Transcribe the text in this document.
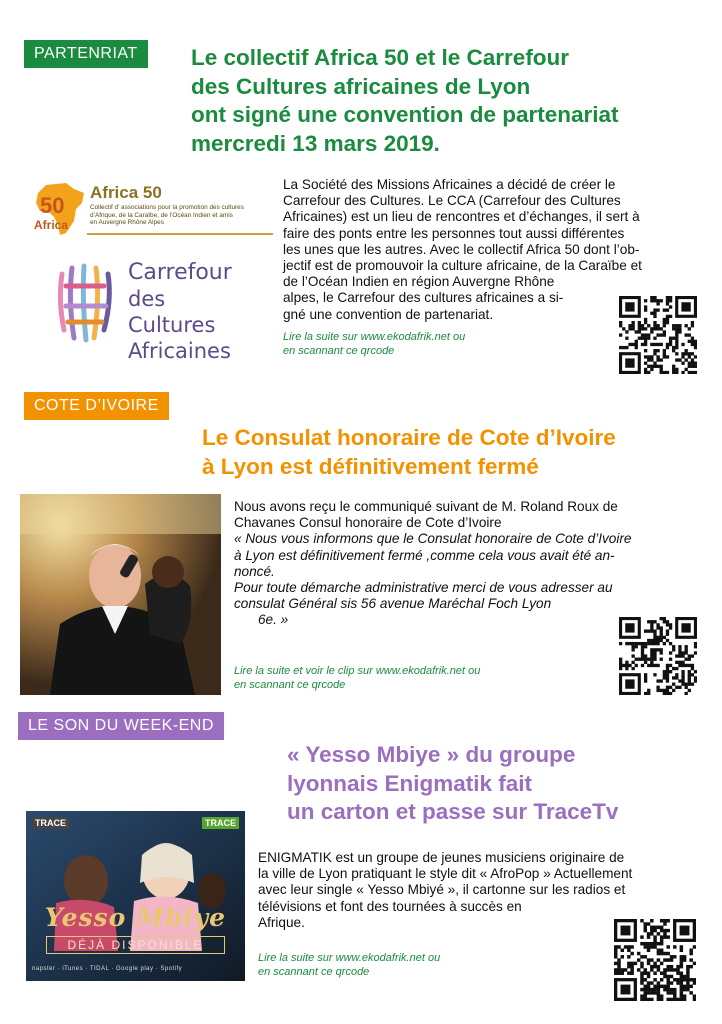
PARTENRIAT	Le collectif Africa 50 et le Carrefour
des Cultures africaines de Lyon
ont signé une convention de partenariat
mercredi 13 mars 2019.
50
Africa
Africa 50
Collectif d’ associations pour la promotion des cultures
d’Afrique, de la Caraïbe, de l’Océan Indien et amis
en Auvergne Rhône Alpes
Carrefour
des Cultures
Africaines
La Société des Missions Africaines a décidé de créer le
Carrefour des Cultures. Le CCA (Carrefour des Cultures
Africaines) est un lieu de rencontres et d’échanges, il sert à
faire des ponts entre les personnes tout aussi différentes
les unes que les autres. Avec le collectif Africa 50 dont l’ob-
jectif est de promouvoir la culture africaine, de la Caraïbe et
de l’Océan Indien en région Auvergne Rhône
alpes, le Carrefour des cultures africaines a si-
gné une convention de partenariat.
Lire la suite sur www.ekodafrik.net ou
en scannant ce qrcode
COTE D’IVOIRE
Le Consulat honoraire de Cote d’Ivoire
à Lyon est définitivement fermé
Nous avons reçu le communiqué suivant de M. Roland Roux de
Chavanes Consul honoraire de Cote d’Ivoire
« Nous vous informons que le Consulat honoraire de Cote d’Ivoire
à Lyon est définitivement fermé ,comme cela vous avait été an-
noncé.
Pour toute démarche administrative merci de vous adresser au
consulat Général sis 56 avenue Maréchal Foch Lyon
6e. »
Lire la suite et voir le clip sur www.ekodafrik.net ou
en scannant ce qrcode
LE SON DU WEEK-END
« Yesso Mbiye » du groupe
lyonnais Enigmatik fait
un carton et passe sur TraceTv
TRACE	TRACE
Yesso Mbiye
DÉJÀ DISPONIBLE
napster · iTunes · TIDAL · Google play · Spotify
ENIGMATIK est un groupe de jeunes musiciens originaire de
la ville de Lyon pratiquant le style dit « AfroPop » Actuellement
avec leur single « Yesso Mbiyé », il cartonne sur les radios et
télévisions et font des tournées à succès en
Afrique.
Lire la suite sur www.ekodafrik.net ou
en scannant ce qrcode
